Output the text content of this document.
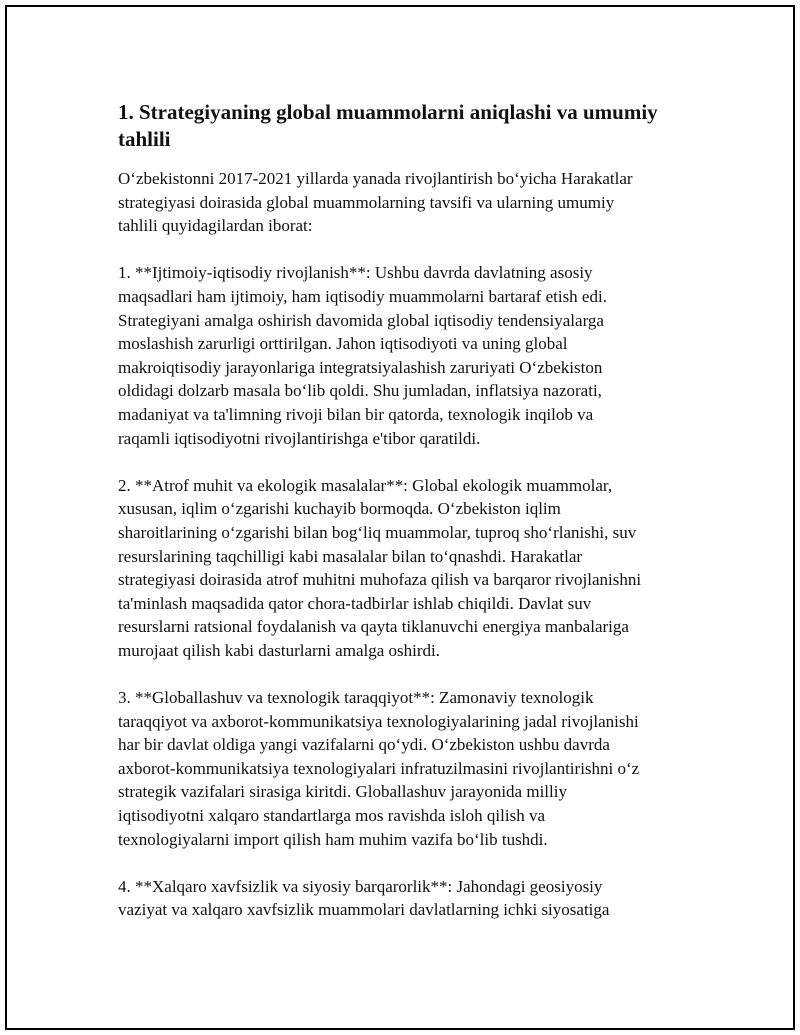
1. Strategiyaning global muammolarni aniqlashi va umumiy
tahlili

O‘zbekistonni 2017-2021 yillarda yanada rivojlantirish bo‘yicha Harakatlar
strategiyasi doirasida global muammolarning tavsifi va ularning umumiy
tahlili quyidagilardan iborat:

1. **Ijtimoiy-iqtisodiy rivojlanish**: Ushbu davrda davlatning asosiy
maqsadlari ham ijtimoiy, ham iqtisodiy muammolarni bartaraf etish edi.
Strategiyani amalga oshirish davomida global iqtisodiy tendensiyalarga
moslashish zarurligi orttirilgan. Jahon iqtisodiyoti va uning global
makroiqtisodiy jarayonlariga integratsiyalashish zaruriyati O‘zbekiston
oldidagi dolzarb masala bo‘lib qoldi. Shu jumladan, inflatsiya nazorati,
madaniyat va ta'limning rivoji bilan bir qatorda, texnologik inqilob va
raqamli iqtisodiyotni rivojlantirishga e'tibor qaratildi.

2. **Atrof muhit va ekologik masalalar**: Global ekologik muammolar,
xususan, iqlim o‘zgarishi kuchayib bormoqda. O‘zbekiston iqlim
sharoitlarining o‘zgarishi bilan bog‘liq muammolar, tuproq sho‘rlanishi, suv
resurslarining taqchilligi kabi masalalar bilan to‘qnashdi. Harakatlar
strategiyasi doirasida atrof muhitni muhofaza qilish va barqaror rivojlanishni
ta'minlash maqsadida qator chora-tadbirlar ishlab chiqildi. Davlat suv
resurslarni ratsional foydalanish va qayta tiklanuvchi energiya manbalariga
murojaat qilish kabi dasturlarni amalga oshirdi.

3. **Globallashuv va texnologik taraqqiyot**: Zamonaviy texnologik
taraqqiyot va axborot-kommunikatsiya texnologiyalarining jadal rivojlanishi
har bir davlat oldiga yangi vazifalarni qo‘ydi. O‘zbekiston ushbu davrda
axborot-kommunikatsiya texnologiyalari infratuzilmasini rivojlantirishni o‘z
strategik vazifalari sirasiga kiritdi. Globallashuv jarayonida milliy
iqtisodiyotni xalqaro standartlarga mos ravishda isloh qilish va
texnologiyalarni import qilish ham muhim vazifa bo‘lib tushdi.

4. **Xalqaro xavfsizlik va siyosiy barqarorlik**: Jahondagi geosiyosiy
vaziyat va xalqaro xavfsizlik muammolari davlatlarning ichki siyosatiga
